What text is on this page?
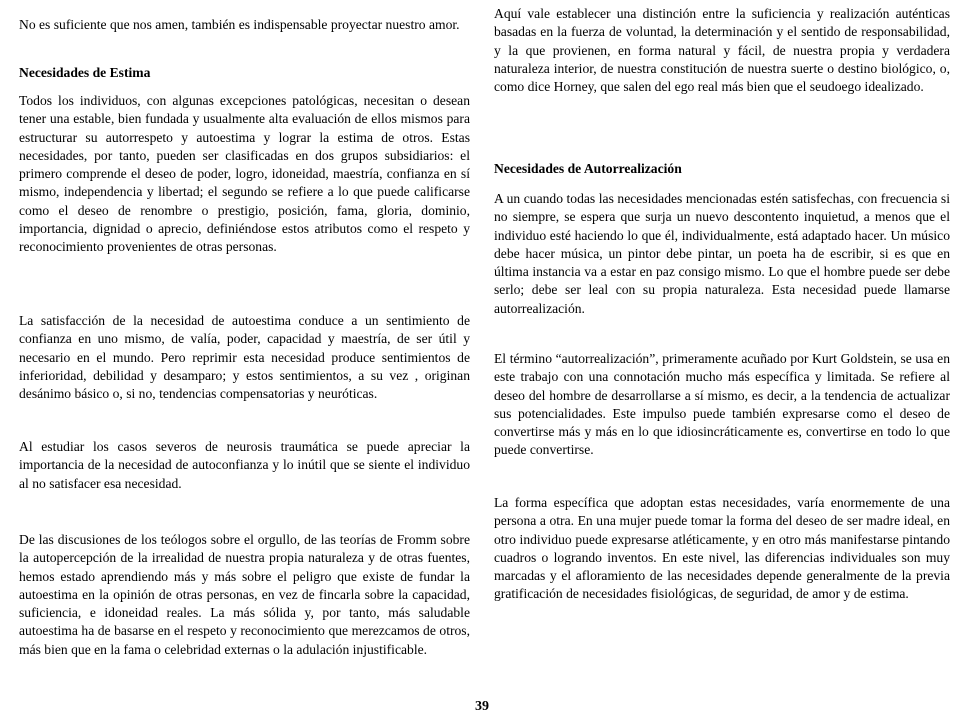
No es suficiente que nos amen, también es indispensable proyectar nuestro amor.

Necesidades de Estima

Todos los individuos, con algunas excepciones patológicas, necesitan o desean tener una estable, bien fundada y usualmente alta evaluación de ellos mismos para estructurar su autorrespeto y autoestima y lograr la estima de otros. Estas necesidades, por tanto, pueden ser clasificadas en dos grupos subsidiarios: el primero comprende el deseo de poder, logro, idoneidad, maestría, confianza en sí mismo, independencia y libertad; el segundo se refiere a lo que puede calificarse como el deseo de renombre o prestigio, posición, fama, gloria, dominio, importancia, dignidad o aprecio, definiéndose estos atributos como el respeto y reconocimiento provenientes de otras personas.

La satisfacción de la necesidad de autoestima conduce a un sentimiento de confianza en uno mismo, de valía, poder, capacidad y maestría, de ser útil y necesario en el mundo. Pero reprimir esta necesidad produce sentimientos de inferioridad, debilidad y desamparo; y estos sentimientos, a su vez , originan desánimo básico o, si no, tendencias compensatorias y neuróticas.

Al estudiar los casos severos de neurosis traumática se puede apreciar la importancia de la necesidad de autoconfianza y lo inútil que se siente el individuo al no satisfacer esa necesidad.

De las discusiones de los teólogos sobre el orgullo, de las teorías de Fromm sobre la autopercepción de la irrealidad de nuestra propia naturaleza y de otras fuentes, hemos estado aprendiendo más y más sobre el peligro que existe de fundar la autoestima en la opinión de otras personas, en vez de fincarla sobre la capacidad, suficiencia, e idoneidad reales. La más sólida y, por tanto, más saludable autoestima ha de basarse en el respeto y reconocimiento que merezcamos de otros, más bien que en la fama o celebridad externas o la adulación injustificable.

Aquí vale establecer una distinción entre la suficiencia y realización auténticas basadas en la fuerza de voluntad, la determinación y el sentido de responsabilidad, y la que provienen, en forma natural y fácil, de nuestra propia y verdadera naturaleza interior, de nuestra constitución de nuestra suerte o destino biológico, o, como dice Horney, que salen del ego real más bien que el seudoego idealizado.

Necesidades de Autorrealización

A un cuando todas las necesidades mencionadas estén satisfechas, con frecuencia si no siempre, se espera que surja un nuevo descontento inquietud, a menos que el individuo esté haciendo lo que él, individualmente, está adaptado hacer. Un músico debe hacer música, un pintor debe pintar, un poeta ha de escribir, si es que en última instancia va a estar en paz consigo mismo. Lo que el hombre puede ser debe serlo; debe ser leal con su propia naturaleza. Esta necesidad puede llamarse autorrealización.

El término “autorrealización”, primeramente acuñado por Kurt Goldstein, se usa en este trabajo con una connotación mucho más específica y limitada. Se refiere al deseo del hombre de desarrollarse a sí mismo, es decir, a la tendencia de actualizar sus potencialidades. Este impulso puede también expresarse como el deseo de convertirse más y más en lo que idiosincráticamente es, convertirse en todo lo que puede convertirse.

La forma específica que adoptan estas necesidades, varía enormemente de una persona a otra. En una mujer puede tomar la forma del deseo de ser madre ideal, en otro individuo puede expresarse atléticamente, y en otro más manifestarse pintando cuadros o logrando inventos. En este nivel, las diferencias individuales son muy marcadas y el afloramiento de las necesidades depende generalmente de la previa gratificación de necesidades fisiológicas, de seguridad, de amor y de estima.

39
